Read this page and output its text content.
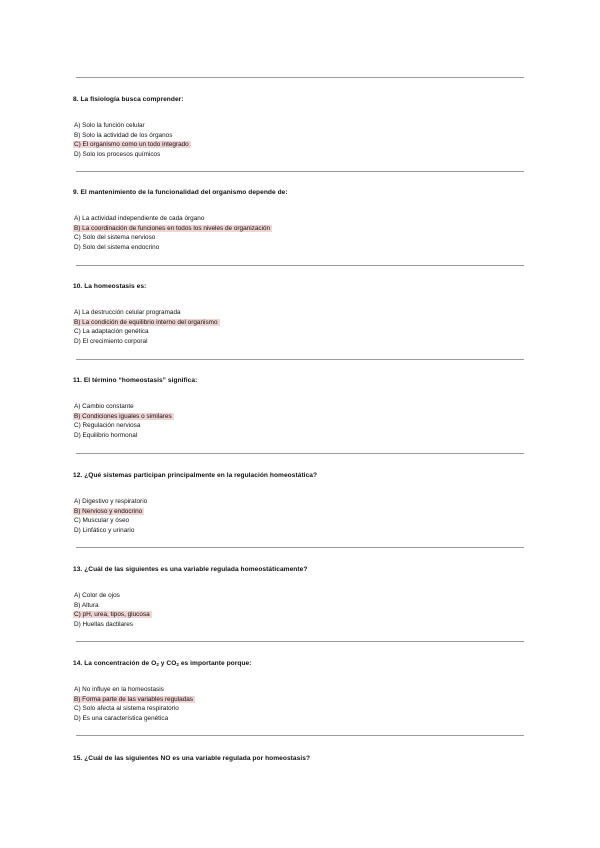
8. La fisiología busca comprender:

A) Solo la función celular
B) Solo la actividad de los órganos
C) El organismo como un todo integrado
D) Solo los procesos químicos

9. El mantenimiento de la funcionalidad del organismo depende de:

A) La actividad independiente de cada órgano
B) La coordinación de funciones en todos los niveles de organización
C) Solo del sistema nervioso
D) Solo del sistema endocrino

10. La homeostasis es:

A) La destrucción celular programada
B) La condición de equilibrio interno del organismo
C) La adaptación genética
D) El crecimiento corporal

11. El término “homeostasis” significa:

A) Cambio constante
B) Condiciones iguales o similares
C) Regulación nerviosa
D) Equilibrio hormonal

12. ¿Qué sistemas participan principalmente en la regulación homeostática?

A) Digestivo y respiratorio
B) Nervioso y endocrino
C) Muscular y óseo
D) Linfático y urinario

13. ¿Cuál de las siguientes es una variable regulada homeostáticamente?

A) Color de ojos
B) Altura
C) pH, urea, tipos, glucosa
D) Huellas dactilares

14. La concentración de $O_2$ y $CO_2$ es importante porque:

A) No influye en la homeostasis
B) Forma parte de las variables reguladas
C) Solo afecta al sistema respiratorio
D) Es una característica genética

15. ¿Cuál de las siguientes NO es una variable regulada por homeostasis?
